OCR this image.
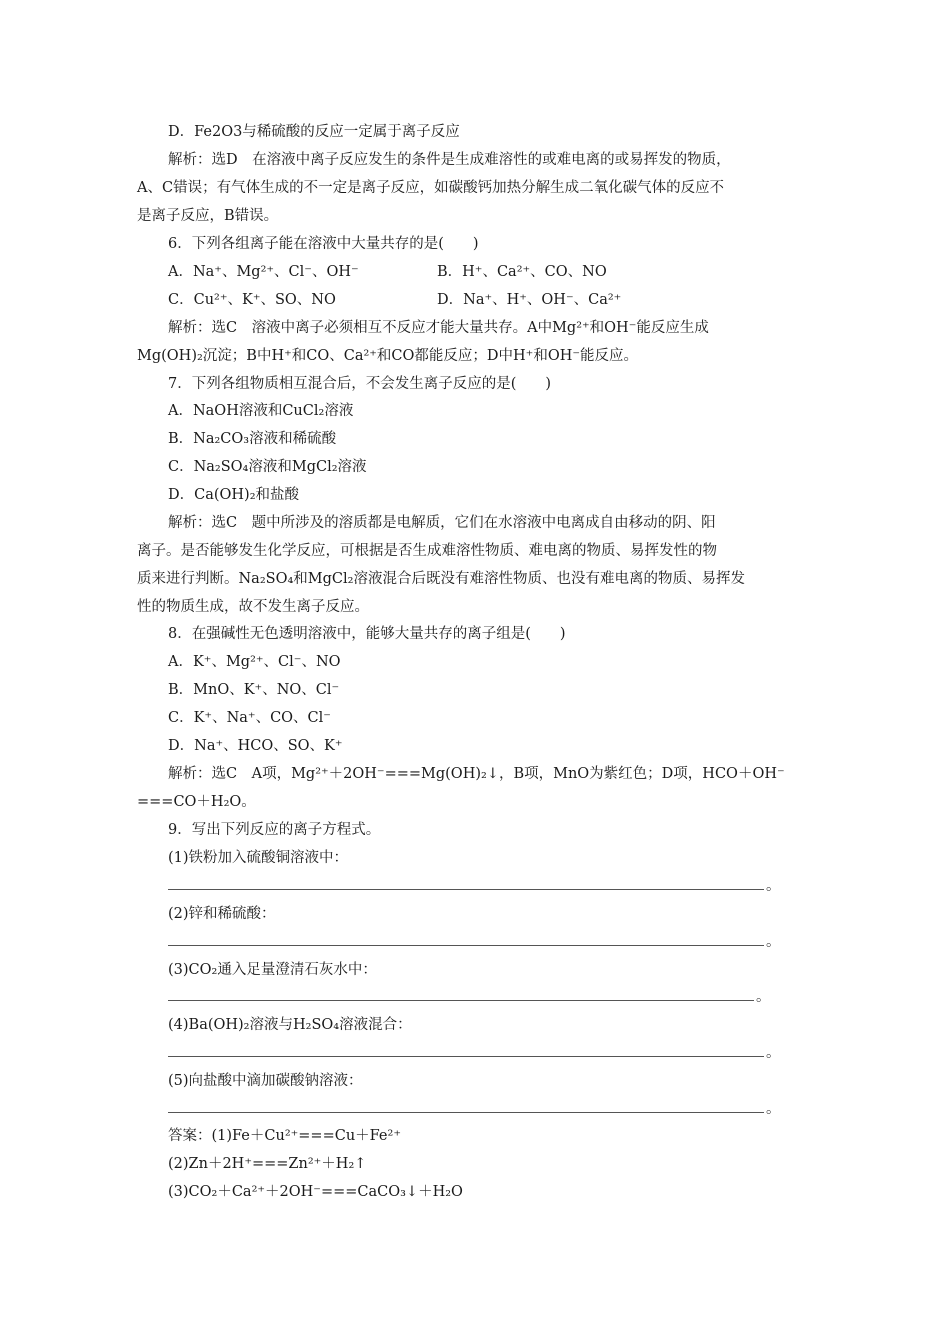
D．Fe2O3与稀硫酸的反应一定属于离子反应
解析：选D　在溶液中离子反应发生的条件是生成难溶性的或难电离的或易挥发的物质，
A、C错误；有气体生成的不一定是离子反应，如碳酸钙加热分解生成二氧化碳气体的反应不
是离子反应，B错误。
6．下列各组离子能在溶液中大量共存的是(　　)
A．Na⁺、Mg²⁺、Cl⁻、OH⁻	B．H⁺、Ca²⁺、CO、NO
C．Cu²⁺、K⁺、SO、NO	D．Na⁺、H⁺、OH⁻、Ca²⁺
解析：选C　溶液中离子必须相互不反应才能大量共存。A中Mg²⁺和OH⁻能反应生成
Mg(OH)₂沉淀；B中H⁺和CO、Ca²⁺和CO都能反应；D中H⁺和OH⁻能反应。
7．下列各组物质相互混合后，不会发生离子反应的是(　　)
A．NaOH溶液和CuCl₂溶液
B．Na₂CO₃溶液和稀硫酸
C．Na₂SO₄溶液和MgCl₂溶液
D．Ca(OH)₂和盐酸
解析：选C　题中所涉及的溶质都是电解质，它们在水溶液中电离成自由移动的阴、阳
离子。是否能够发生化学反应，可根据是否生成难溶性物质、难电离的物质、易挥发性的物
质来进行判断。Na₂SO₄和MgCl₂溶液混合后既没有难溶性物质、也没有难电离的物质、易挥发
性的物质生成，故不发生离子反应。
8．在强碱性无色透明溶液中，能够大量共存的离子组是(　　)
A．K⁺、Mg²⁺、Cl⁻、NO
B．MnO、K⁺、NO、Cl⁻
C．K⁺、Na⁺、CO、Cl⁻
D．Na⁺、HCO、SO、K⁺
解析：选C　A项，Mg²⁺＋2OH⁻===Mg(OH)₂↓，B项，MnO为紫红色；D项，HCO＋OH⁻
===CO＋H₂O。
9．写出下列反应的离子方程式。
(1)铁粉加入硫酸铜溶液中：
。
(2)锌和稀硫酸：
。
(3)CO₂通入足量澄清石灰水中：
。
(4)Ba(OH)₂溶液与H₂SO₄溶液混合：
。
(5)向盐酸中滴加碳酸钠溶液：
。
答案：(1)Fe＋Cu²⁺===Cu＋Fe²⁺
(2)Zn＋2H⁺===Zn²⁺＋H₂↑
(3)CO₂＋Ca²⁺＋2OH⁻===CaCO₃↓＋H₂O
